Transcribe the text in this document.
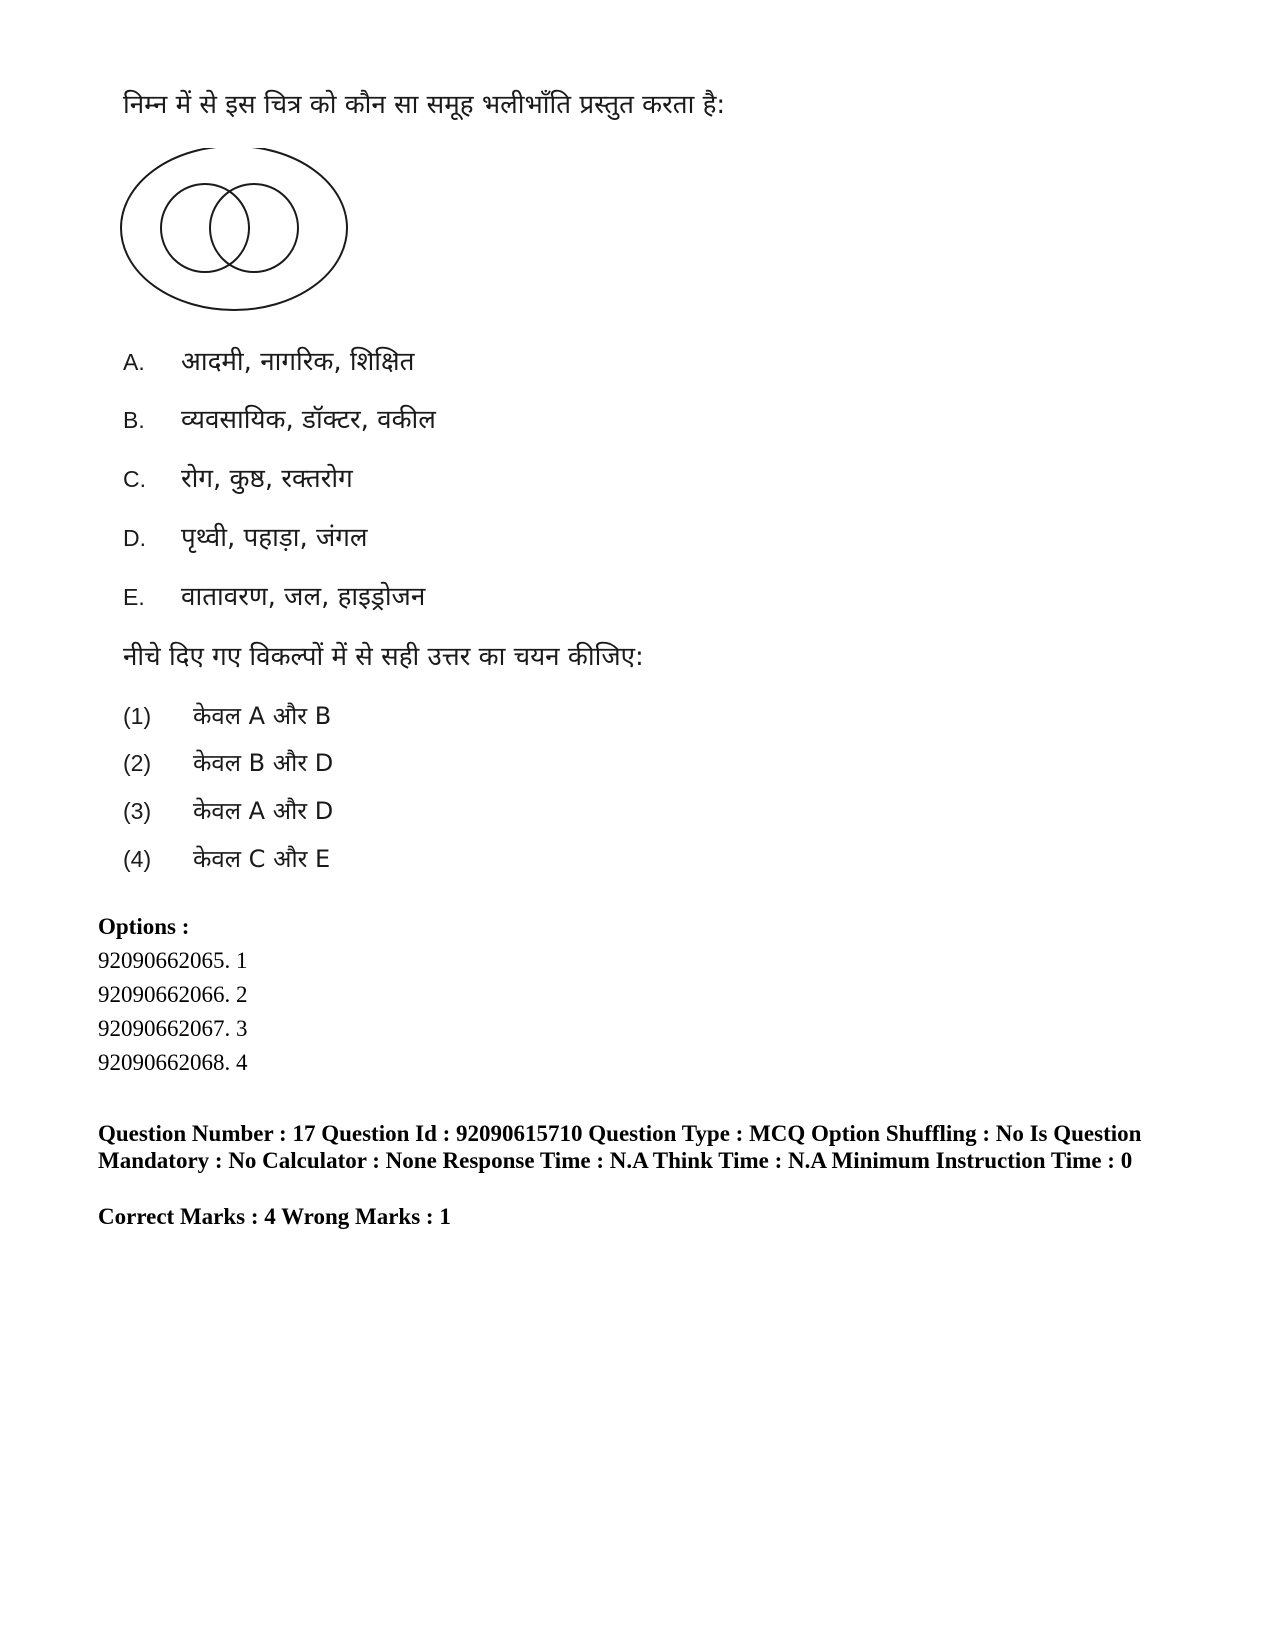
निम्न में से इस चित्र को कौन सा समूह भलीभाँति प्रस्तुत करता है:
A. आदमी, नागरिक, शिक्षित
B. व्यवसायिक, डॉक्टर, वकील
C. रोग, कुष्ठ, रक्तरोग
D. पृथ्वी, पहाड़ा, जंगल
E. वातावरण, जल, हाइड्रोजन
नीचे दिए गए विकल्पों में से सही उत्तर का चयन कीजिए:
(1) केवल A और B
(2) केवल B और D
(3) केवल A और D
(4) केवल C और E
Options :
92090662065. 1
92090662066. 2
92090662067. 3
92090662068. 4
Question Number : 17 Question Id : 92090615710 Question Type : MCQ Option Shuffling : No Is Question Mandatory : No Calculator : None Response Time : N.A Think Time : N.A Minimum Instruction Time : 0
Correct Marks : 4 Wrong Marks : 1
